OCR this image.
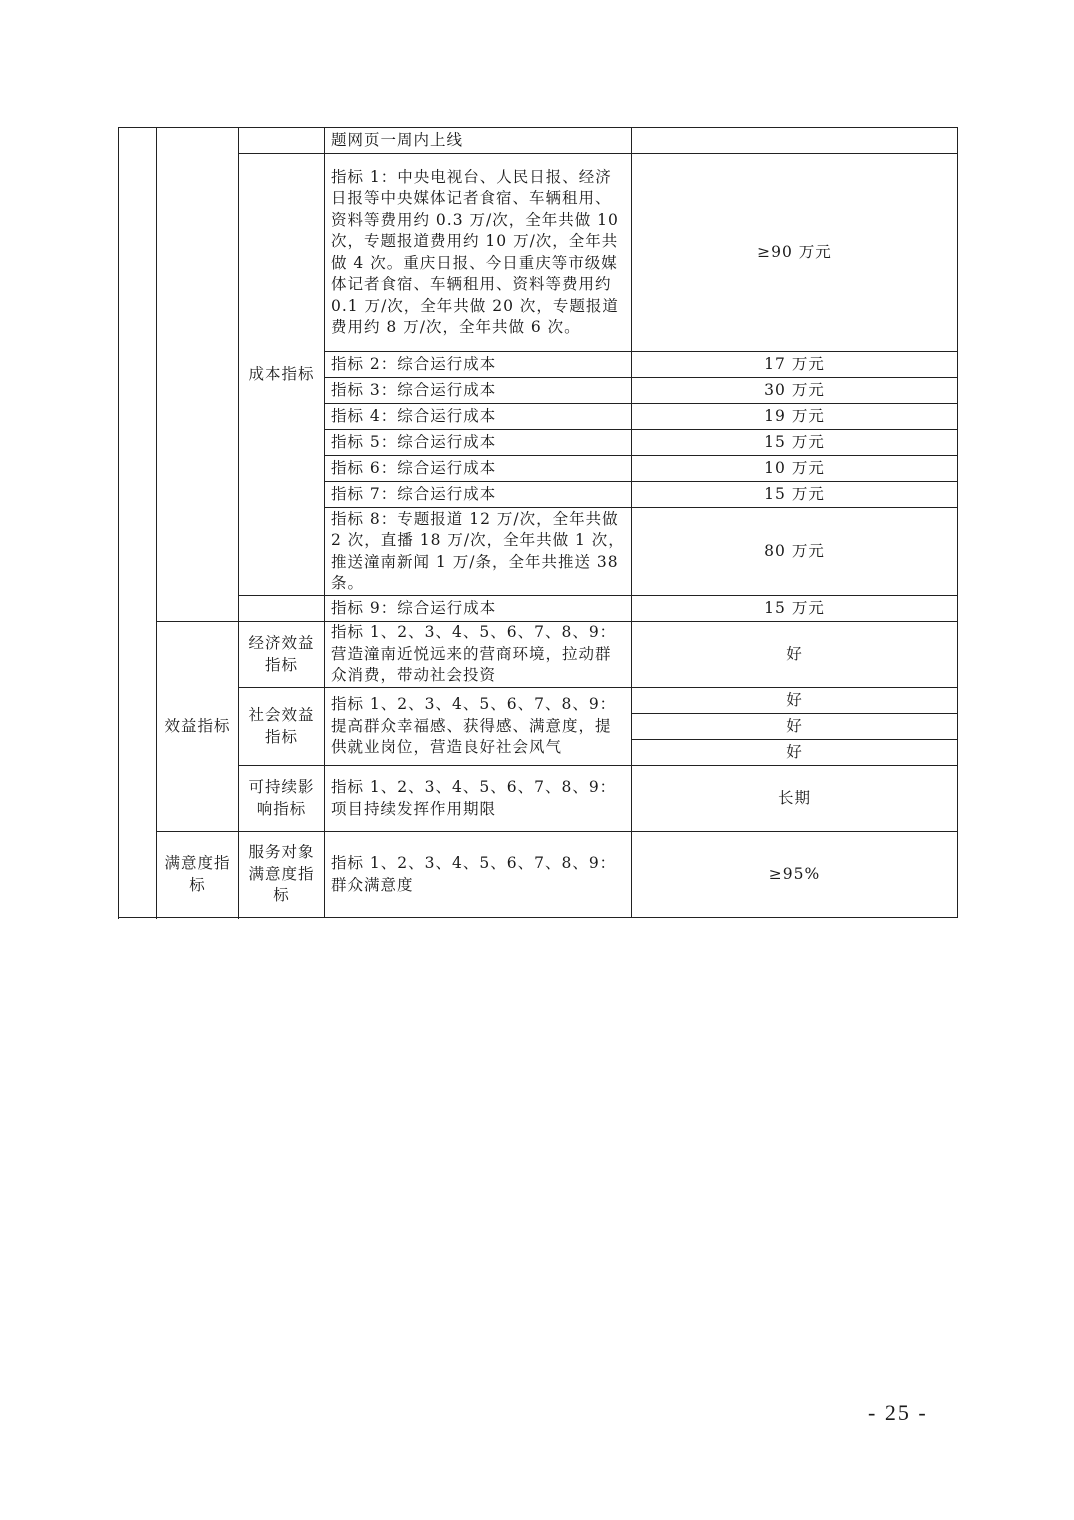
			题网页一周内上线	
		成本指标	指标 1：中央电视台、人民日报、经济日报等中央媒体记者食宿、车辆租用、资料等费用约 0.3 万/次，全年共做 10 次，专题报道费用约 10 万/次，全年共做 4 次。重庆日报、今日重庆等市级媒体记者食宿、车辆租用、资料等费用约 0.1 万/次，全年共做 20 次，专题报道费用约 8 万/次，全年共做 6 次。	≥90 万元
			指标 2：综合运行成本	17 万元
			指标 3：综合运行成本	30 万元
			指标 4：综合运行成本	19 万元
			指标 5：综合运行成本	15 万元
			指标 6：综合运行成本	10 万元
			指标 7：综合运行成本	15 万元
			指标 8：专题报道 12 万/次，全年共做 2 次，直播 18 万/次，全年共做 1 次，推送潼南新闻 1 万/条，全年共推送 38 条。	80 万元
			指标 9：综合运行成本	15 万元
	效益指标	经济效益指标	指标 1、2、3、4、5、6、7、8、9：营造潼南近悦远来的营商环境，拉动群众消费，带动社会投资	好
		社会效益指标	指标 1、2、3、4、5、6、7、8、9：提高群众幸福感、获得感、满意度，提供就业岗位，营造良好社会风气	好
				好
				好
		可持续影响指标	指标 1、2、3、4、5、6、7、8、9：项目持续发挥作用期限	长期

	满意度指标	服务对象满意度指标	指标 1、2、3、4、5、6、7、8、9：群众满意度	≥95%

- 25 -
